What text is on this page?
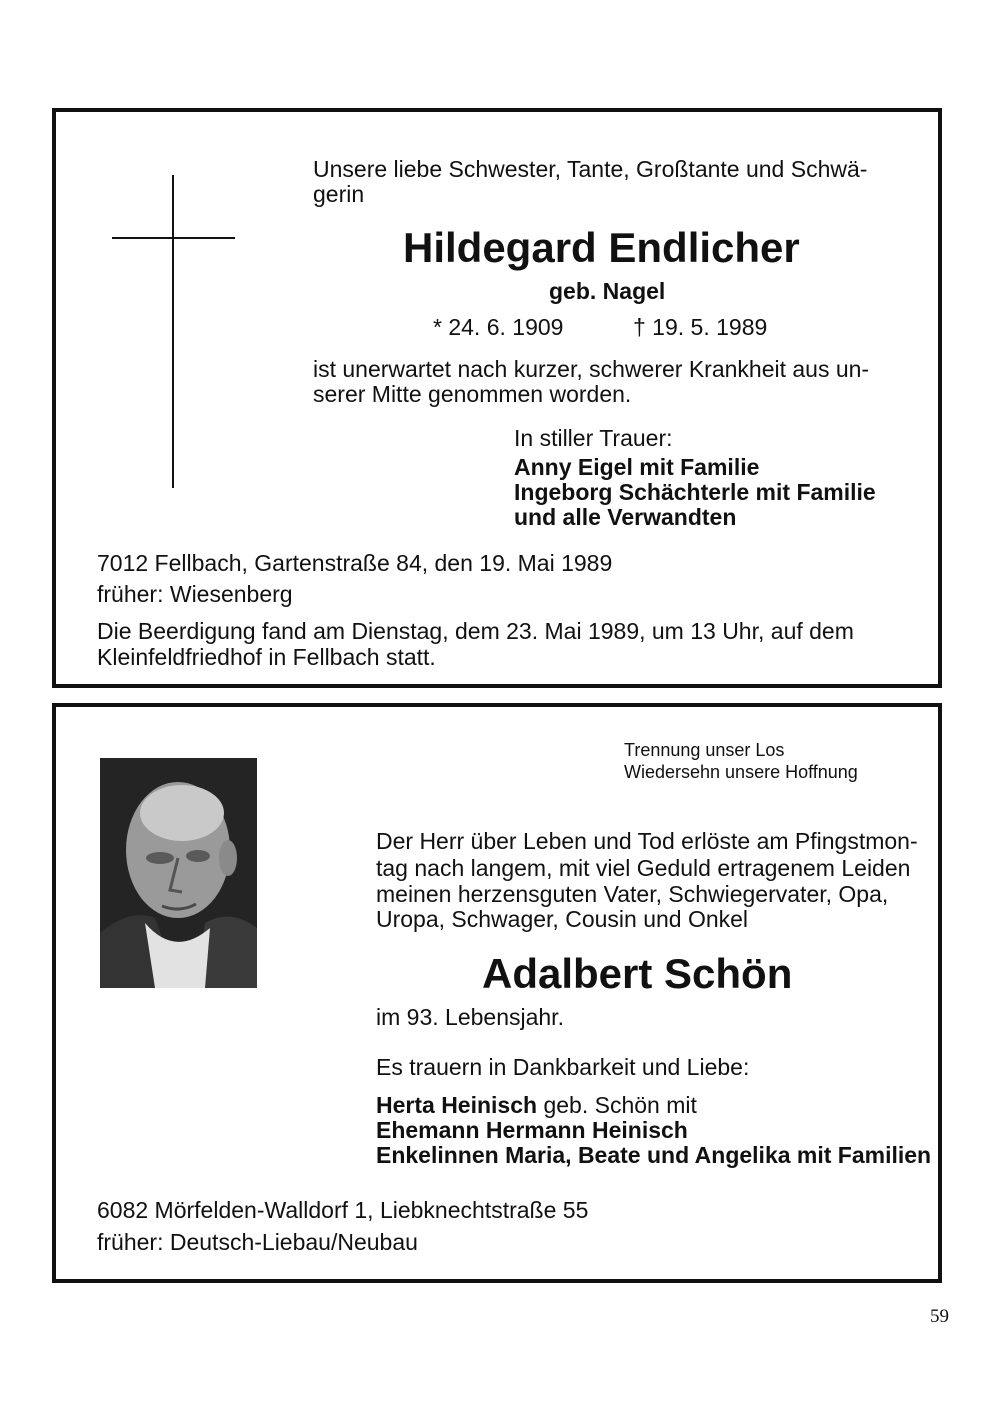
Unsere liebe Schwester, Tante, Großtante und Schwä-
gerin
Hildegard Endlicher
geb. Nagel
* 24. 6. 1909	† 19. 5. 1989
ist unerwartet nach kurzer, schwerer Krankheit aus un-
serer Mitte genommen worden.
In stiller Trauer:
Anny Eigel mit Familie
Ingeborg Schächterle mit Familie
und alle Verwandten
7012 Fellbach, Gartenstraße 84, den 19. Mai 1989
früher: Wiesenberg
Die Beerdigung fand am Dienstag, dem 23. Mai 1989, um 13 Uhr, auf dem
Kleinfeldfriedhof in Fellbach statt.
Trennung unser Los
Wiedersehn unsere Hoffnung
Der Herr über Leben und Tod erlöste am Pfingstmon-
tag nach langem, mit viel Geduld ertragenem Leiden
meinen herzensguten Vater, Schwiegervater, Opa,
Uropa, Schwager, Cousin und Onkel
Adalbert Schön
im 93. Lebensjahr.
Es trauern in Dankbarkeit und Liebe:
Herta Heinisch geb. Schön mit
Ehemann Hermann Heinisch
Enkelinnen Maria, Beate und Angelika mit Familien
6082 Mörfelden-Walldorf 1, Liebknechtstraße 55
früher: Deutsch-Liebau/Neubau
59
